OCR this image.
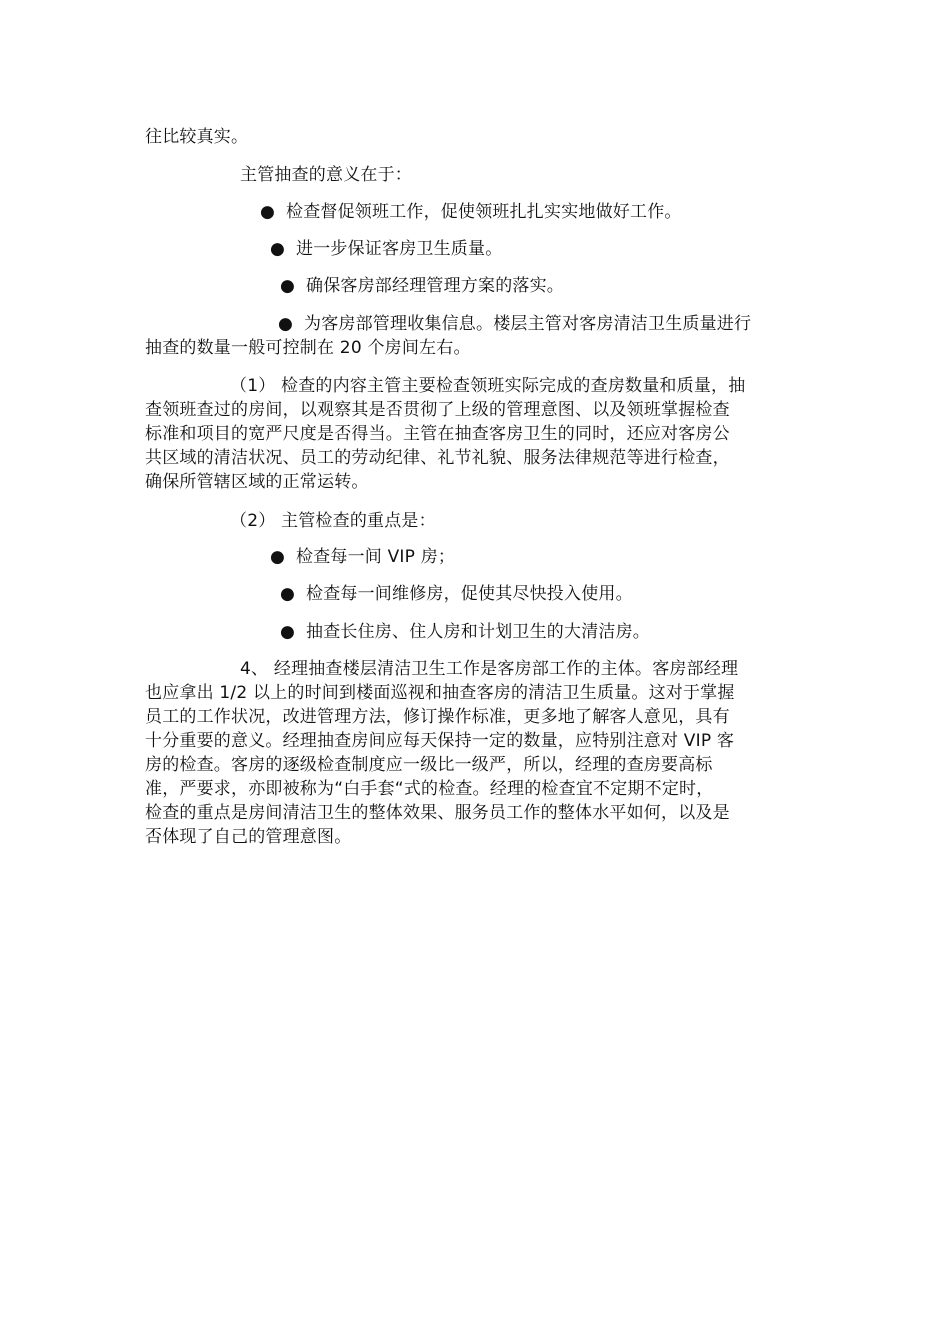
往比较真实。
主管抽查的意义在于：
● 检查督促领班工作，促使领班扎扎实实地做好工作。
● 进一步保证客房卫生质量。
● 确保客房部经理管理方案的落实。
● 为客房部管理收集信息。楼层主管对客房清洁卫生质量进行
抽查的数量一般可控制在 20 个房间左右。
（1） 检查的内容主管主要检查领班实际完成的查房数量和质量，抽
查领班查过的房间，以观察其是否贯彻了上级的管理意图、以及领班掌握检查
标准和项目的宽严尺度是否得当。主管在抽查客房卫生的同时，还应对客房公
共区域的清洁状况、员工的劳动纪律、礼节礼貌、服务法律规范等进行检查，
确保所管辖区域的正常运转。
（2） 主管检查的重点是：
● 检查每一间 VIP 房；
● 检查每一间维修房，促使其尽快投入使用。
● 抽查长住房、住人房和计划卫生的大清洁房。
4、 经理抽查楼层清洁卫生工作是客房部工作的主体。客房部经理
也应拿出 1/2 以上的时间到楼面巡视和抽查客房的清洁卫生质量。这对于掌握
员工的工作状况，改进管理方法，修订操作标准，更多地了解客人意见，具有
十分重要的意义。经理抽查房间应每天保持一定的数量，应特别注意对 VIP 客
房的检查。客房的逐级检查制度应一级比一级严，所以，经理的查房要高标
准，严要求，亦即被称为“白手套“式的检查。经理的检查宜不定期不定时，
检查的重点是房间清洁卫生的整体效果、服务员工作的整体水平如何，以及是
否体现了自己的管理意图。
